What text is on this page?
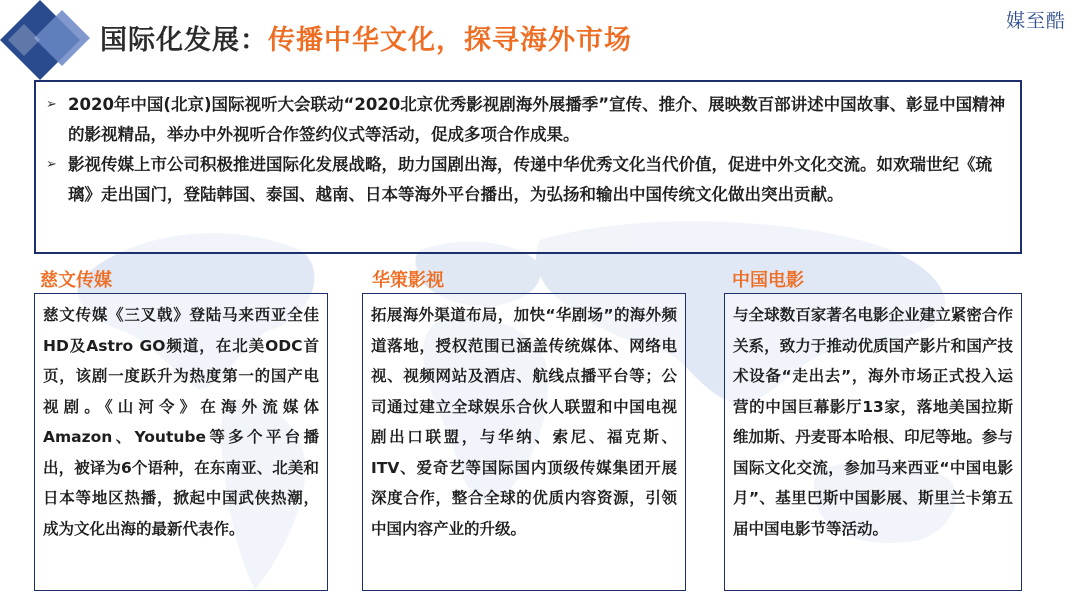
国际化发展：传播中华文化，探寻海外市场
媒至酷
➢ 2020年中国(北京)国际视听大会联动“2020北京优秀影视剧海外展播季”宣传、推介、展映数百部讲述中国故事、彰显中国精神的影视精品，举办中外视听合作签约仪式等活动，促成多项合作成果。
➢ 影视传媒上市公司积极推进国际化发展战略，助力国剧出海，传递中华优秀文化当代价值，促进中外文化交流。如欢瑞世纪《琉璃》走出国门，登陆韩国、泰国、越南、日本等海外平台播出，为弘扬和输出中国传统文化做出突出贡献。
慈文传媒
慈文传媒《三叉戟》登陆马来西亚全佳HD及Astro GO频道，在北美ODC首页，该剧一度跃升为热度第一的国产电视剧。《山河令》在海外流媒体Amazon、Youtube等多个平台播出，被译为6个语种，在东南亚、北美和日本等地区热播，掀起中国武侠热潮，成为文化出海的最新代表作。
华策影视
拓展海外渠道布局，加快“华剧场”的海外频道落地，授权范围已涵盖传统媒体、网络电视、视频网站及酒店、航线点播平台等；公司通过建立全球娱乐合伙人联盟和中国电视剧出口联盟，与华纳、索尼、福克斯、ITV、爱奇艺等国际国内顶级传媒集团开展深度合作，整合全球的优质内容资源，引领中国内容产业的升级。
中国电影
与全球数百家著名电影企业建立紧密合作关系，致力于推动优质国产影片和国产技术设备“走出去”，海外市场正式投入运营的中国巨幕影厅13家，落地美国拉斯维加斯、丹麦哥本哈根、印尼等地。参与国际文化交流，参加马来西亚“中国电影月”、基里巴斯中国影展、斯里兰卡第五届中国电影节等活动。
